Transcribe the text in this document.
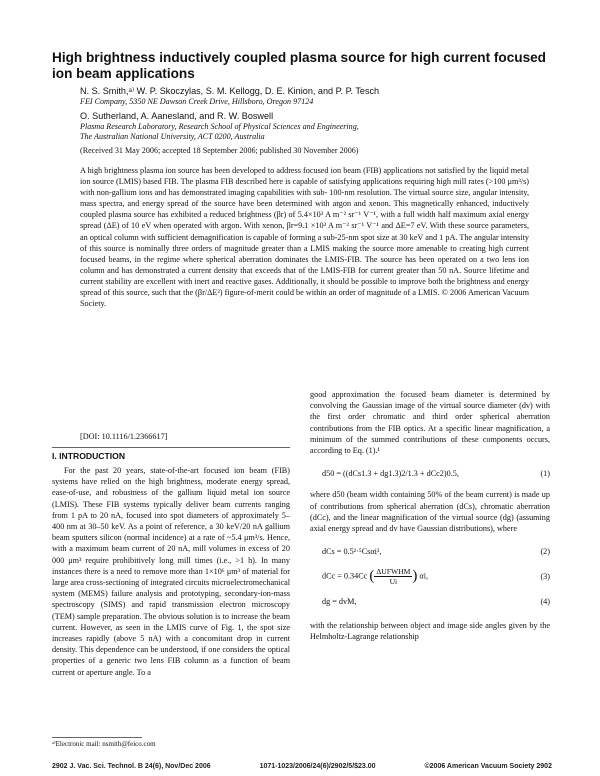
High brightness inductively coupled plasma source for high current focused ion beam applications
N. S. Smith,ᵃ⁾ W. P. Skoczylas, S. M. Kellogg, D. E. Kinion, and P. P. Tesch
FEI Company, 5350 NE Dawson Creek Drive, Hillsboro, Oregon 97124
O. Sutherland, A. Aanesland, and R. W. Boswell
Plasma Research Laboratory, Research School of Physical Sciences and Engineering,
The Australian National University, ACT 0200, Australia
(Received 31 May 2006; accepted 18 September 2006; published 30 November 2006)

A high brightness plasma ion source has been developed to address focused ion beam (FIB) applications not satisfied by the liquid metal ion source (LMIS) based FIB. The plasma FIB described here is capable of satisfying applications requiring high mill rates (>100 μm³/s) with non-gallium ions and has demonstrated imaging capabilities with sub- 100-nm resolution. The virtual source size, angular intensity, mass spectra, and energy spread of the source have been determined with argon and xenon. This magnetically enhanced, inductively coupled plasma source has exhibited a reduced brightness (βr) of 5.4×10³ A m⁻² sr⁻¹ V⁻¹, with a full width half maximum axial energy spread (ΔE) of 10 eV when operated with argon. With xenon, βr=9.1 ×10³ A m⁻² sr⁻¹ V⁻¹ and ΔE=7 eV. With these source parameters, an optical column with sufficient demagnification is capable of forming a sub-25-nm spot size at 30 keV and 1 pA. The angular intensity of this source is nominally three orders of magnitude greater than a LMIS making the source more amenable to creating high current focused beams, in the regime where spherical aberration dominates the LMIS-FIB. The source has been operated on a two lens ion column and has demonstrated a current density that exceeds that of the LMIS-FIB for current greater than 50 nA. Source lifetime and current stability are excellent with inert and reactive gases. Additionally, it should be possible to improve both the brightness and energy spread of this source, such that the (βr/ΔE²) figure-of-merit could be within an order of magnitude of a LMIS. © 2006 American Vacuum Society.

[DOI: 10.1116/1.2366617]
I. INTRODUCTION

For the past 20 years, state-of-the-art focused ion beam (FIB) systems have relied on the high brightness, moderate energy spread, ease-of-use, and robustness of the gallium liquid metal ion source (LMIS). These FIB systems typically deliver beam currents ranging from 1 pA to 20 nA, focused into spot diameters of approximately 5–400 nm at 30–50 keV. As a point of reference, a 30 keV/20 nA gallium beam sputters silicon (normal incidence) at a rate of ~5.4 μm³/s. Hence, with a maximum beam current of 20 nA, mill volumes in excess of 20 000 μm³ require prohibitively long mill times (i.e., >1 h). In many instances there is a need to remove more than 1×10⁶ μm³ of material for large area cross-sectioning of integrated circuits microelectromechanical system (MEMS) failure analysis and prototyping, secondary-ion-mass spectroscopy (SIMS) and rapid transmission electron microscopy (TEM) sample preparation. The obvious solution is to increase the beam current. However, as seen in the LMIS curve of Fig. 1, the spot size increases rapidly (above 5 nA) with a concomitant drop in current density. This dependence can be understood, if one considers the optical properties of a generic two lens FIB column as a function of beam current or aperture angle. To a

good approximation the focused beam diameter is determined by convolving the Gaussian image of the virtual source diameter (dv) with the first order chromatic and third order spherical aberration contributions from the FIB optics. At a specific linear magnification, a minimum of the summed contributions of these components occurs, according to Eq. (1).¹

d50 = ((dCs1.3 + dg1.3)2/1.3 + dCc2)0.5,	(1)

where d50 (beam width containing 50% of the beam current) is made up of contributions from spherical aberration (dCs), chromatic aberration (dCc), and the linear magnification of the virtual source (dg) (assuming axial energy spread and dv have Gaussian distributions), where

dCs = 0.5²·⁵Csαi³,	(2)
dCc = 0.34Cc ( $\frac{\text{ΔUFWHM}}{Ui}$ ) αi,	(3)
dg = dvM,	(4)

with the relationship between object and image side angles given by the Helmholtz-Lagrange relationship

ᵃ⁾Electronic mail: nsmith@feico.com
2902 J. Vac. Sci. Technol. B 24(6), Nov/Dec 2006	1071-1023/2006/24(6)/2902/5/$23.00	©2006 American Vacuum Society 2902
